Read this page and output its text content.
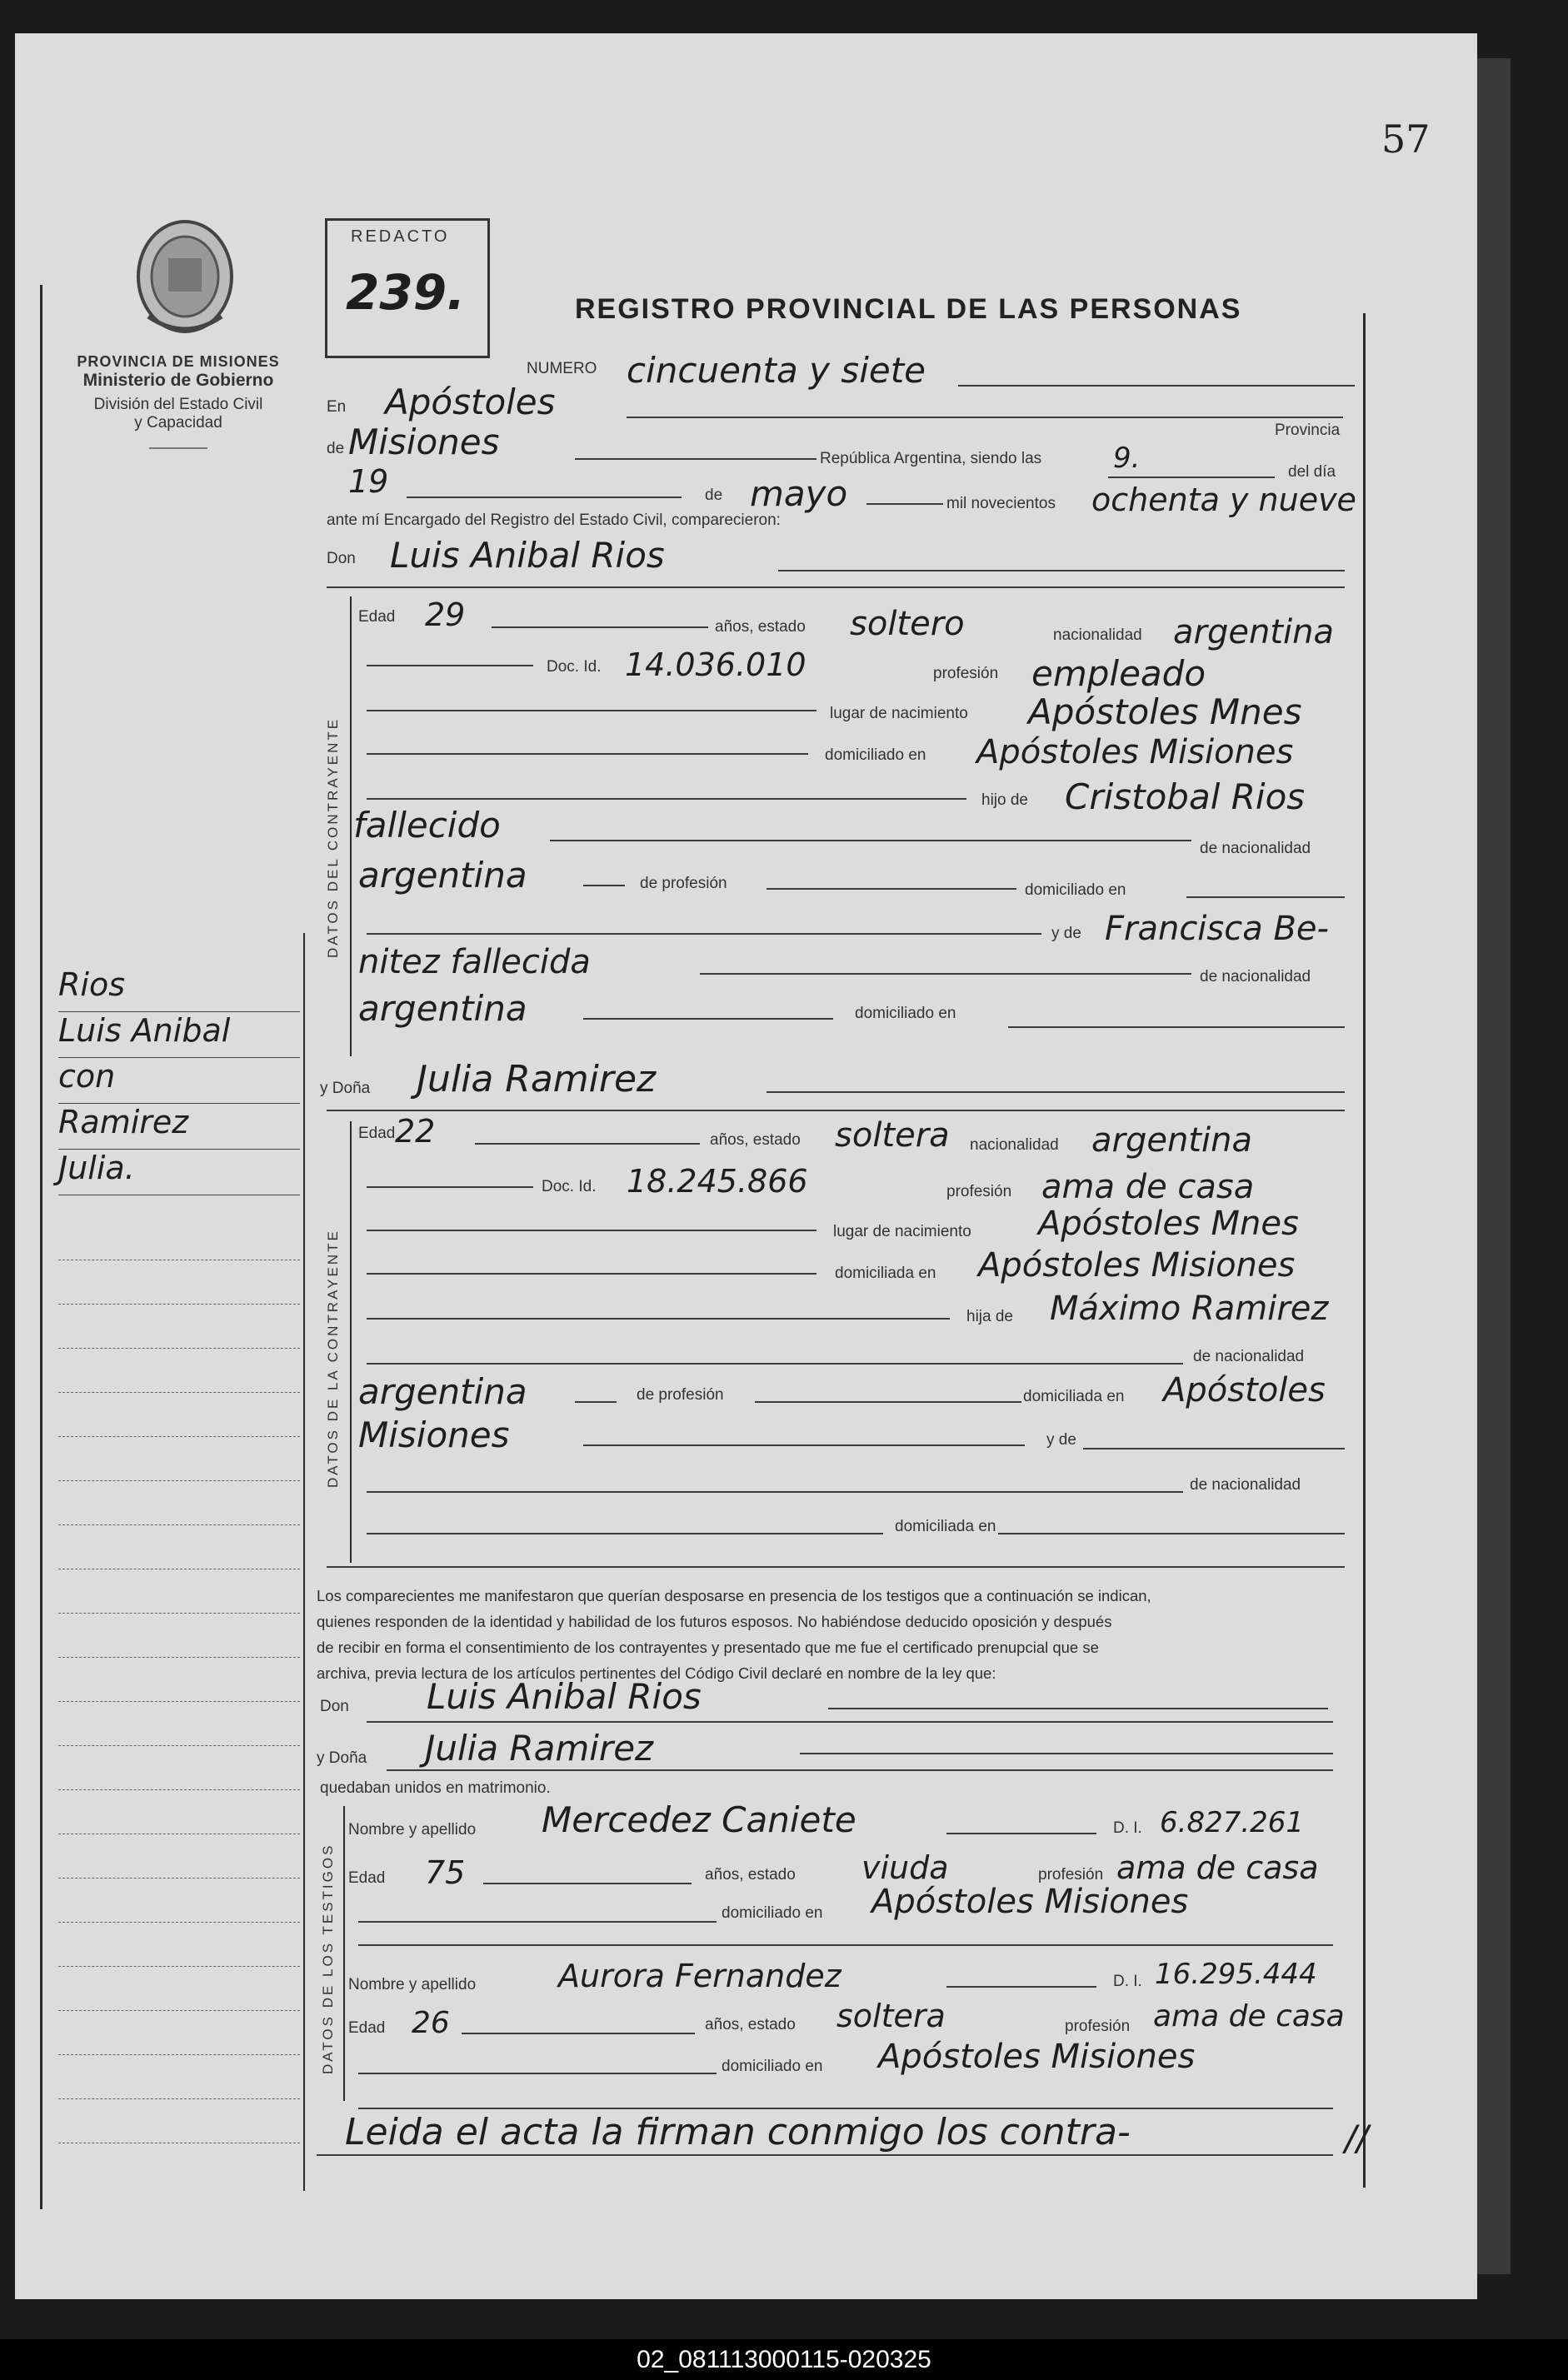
57
PROVINCIA DE MISIONES
Ministerio de Gobierno
División del Estado Civil
y Capacidad
REDACTO
239.	REGISTRO PROVINCIAL DE LAS PERSONAS
Rios
Luis Anibal
con
Ramirez
Julia.
NUMERO cincuenta y siete
En Apóstoles
Provincia
de Misiones	República Argentina, siendo las	9.	del día
19	de mayo	mil novecientos ochenta y nueve
ante mí Encargado del Registro del Estado Civil, comparecieron:
Don Luis Anibal Rios
DATOS DEL CONTRAYENTE
Edad 29	años, estado soltero	nacionalidad argentina
Doc. Id. 14.036.010	profesión empleado
lugar de nacimiento Apóstoles Mnes
domiciliado en Apóstoles Misiones
hijo de Cristobal Rios
fallecido
de nacionalidad
argentina	de profesión	domiciliado en
y de Francisca Be-
nitez fallecida	de nacionalidad
argentina	domiciliado en
y Doña Julia Ramirez
DATOS DE LA CONTRAYENTE
Edad 22	años, estado soltera nacionalidad argentina
Doc. Id. 18.245.866	profesión ama de casa
lugar de nacimiento Apóstoles Mnes
domiciliada en Apóstoles Misiones
hija de Máximo Ramirez
de nacionalidad
argentina	de profesión	domiciliada en Apóstoles
Misiones	y de
de nacionalidad
domiciliada en
Los comparecientes me manifestaron que querían desposarse en presencia de los testigos que a continuación se indican,
quienes responden de la identidad y habilidad de los futuros esposos. No habiéndose deducido oposición y después
de recibir en forma el consentimiento de los contrayentes y presentado que me fue el certificado prenupcial que se
archiva, previa lectura de los artículos pertinentes del Código Civil declaré en nombre de la ley que:
Don Luis Anibal Rios
y Doña Julia Ramirez
quedaban unidos en matrimonio.
DATOS DE LOS TESTIGOS
Nombre y apellido Mercedez Caniete	D. I. 6.827.261
Edad 75	años, estado viuda	profesión ama de casa
domiciliado en Apóstoles Misiones
Nombre y apellido	Aurora Fernandez	D. I. 16.295.444
Edad 26	años, estado soltera	profesión ama de casa
domiciliado en Apóstoles Misiones
Leida el acta la firman conmigo los contra-	//
02_081113000115-020325
